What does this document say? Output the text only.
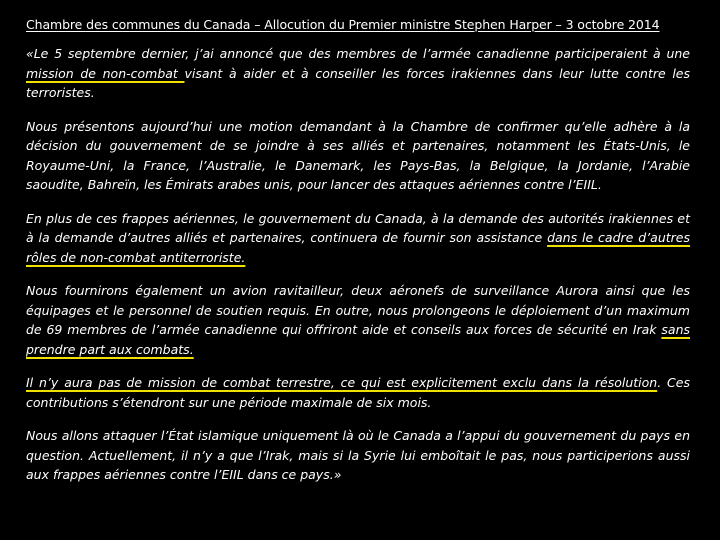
Chambre des communes du Canada – Allocution du Premier ministre Stephen Harper – 3 octobre 2014

«Le 5 septembre dernier, j’ai annoncé que des membres de l’armée canadienne participeraient à une mission de non-combat visant à aider et à conseiller les forces irakiennes dans leur lutte contre les terroristes.

Nous présentons aujourd’hui une motion demandant à la Chambre de confirmer qu’elle adhère à la décision du gouvernement de se joindre à ses alliés et partenaires, notamment les États-Unis, le Royaume-Uni, la France, l’Australie, le Danemark, les Pays-Bas, la Belgique, la Jordanie, l’Arabie saoudite, Bahreïn, les Émirats arabes unis, pour lancer des attaques aériennes contre l’EIIL.

En plus de ces frappes aériennes, le gouvernement du Canada, à la demande des autorités irakiennes et à la demande d’autres alliés et partenaires, continuera de fournir son assistance dans le cadre d’autres rôles de non-combat antiterroriste.

Nous fournirons également un avion ravitailleur, deux aéronefs de surveillance Aurora ainsi que les équipages et le personnel de soutien requis. En outre, nous prolongeons le déploiement d’un maximum de 69 membres de l’armée canadienne qui offriront aide et conseils aux forces de sécurité en Irak sans prendre part aux combats.

Il n’y aura pas de mission de combat terrestre, ce qui est explicitement exclu dans la résolution. Ces contributions s’étendront sur une période maximale de six mois.

Nous allons attaquer l’État islamique uniquement là où le Canada a l’appui du gouvernement du pays en question. Actuellement, il n’y a que l’Irak, mais si la Syrie lui emboîtait le pas, nous participerions aussi aux frappes aériennes contre l’EIIL dans ce pays.»
